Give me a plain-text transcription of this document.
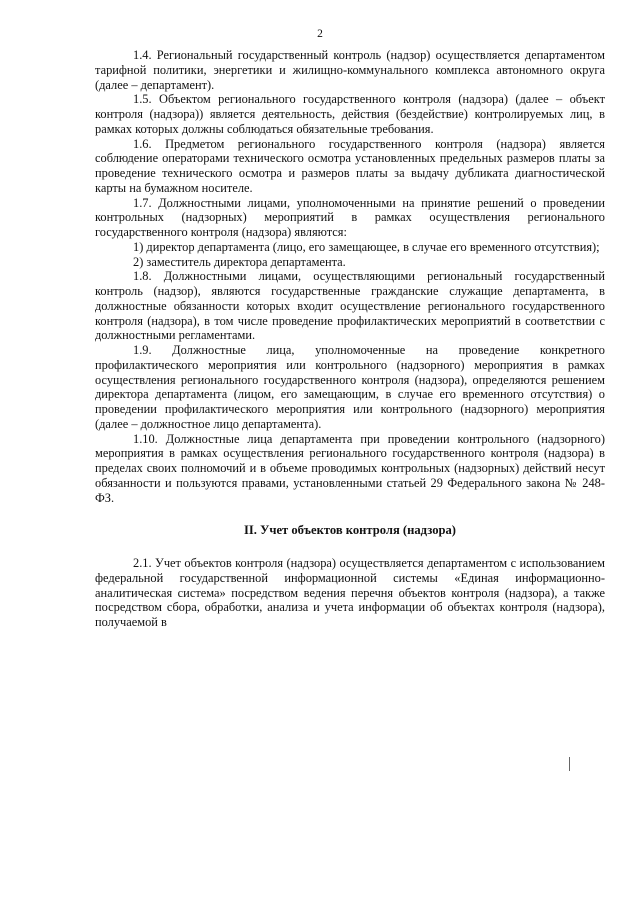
2

1.4. Региональный государственный контроль (надзор) осуществляется департаментом тарифной политики, энергетики и жилищно-коммунального комплекса автономного округа (далее – департамент).

1.5. Объектом регионального государственного контроля (надзора) (далее – объект контроля (надзора)) является деятельность, действия (бездействие) контролируемых лиц, в рамках которых должны соблюдаться обязательные требования.

1.6. Предметом регионального государственного контроля (надзора) является соблюдение операторами технического осмотра установленных предельных размеров платы за проведение технического осмотра и размеров платы за выдачу дубликата диагностической карты на бумажном носителе.

1.7. Должностными лицами, уполномоченными на принятие решений о проведении контрольных (надзорных) мероприятий в рамках осуществления регионального государственного контроля (надзора) являются:

1) директор департамента (лицо, его замещающее, в случае его временного отсутствия);

2) заместитель директора департамента.

1.8. Должностными лицами, осуществляющими региональный государственный контроль (надзор), являются государственные гражданские служащие департамента, в должностные обязанности которых входит осуществление регионального государственного контроля (надзора), в том числе проведение профилактических мероприятий в соответствии с должностными регламентами.

1.9. Должностные лица, уполномоченные на проведение конкретного профилактического мероприятия или контрольного (надзорного) мероприятия в рамках осуществления регионального государственного контроля (надзора), определяются решением директора департамента (лицом, его замещающим, в случае его временного отсутствия) о проведении профилактического мероприятия или контрольного (надзорного) мероприятия (далее – должностное лицо департамента).

1.10. Должностные лица департамента при проведении контрольного (надзорного) мероприятия в рамках осуществления регионального государственного контроля (надзора) в пределах своих полномочий и в объеме проводимых контрольных (надзорных) действий несут обязанности и пользуются правами, установленными статьей 29 Федерального закона № 248-ФЗ.

II. Учет объектов контроля (надзора)

2.1. Учет объектов контроля (надзора) осуществляется департаментом с использованием федеральной государственной информационной системы «Единая информационно-аналитическая система» посредством ведения перечня объектов контроля (надзора), а также посредством сбора, обработки, анализа и учета информации об объектах контроля (надзора), получаемой в
